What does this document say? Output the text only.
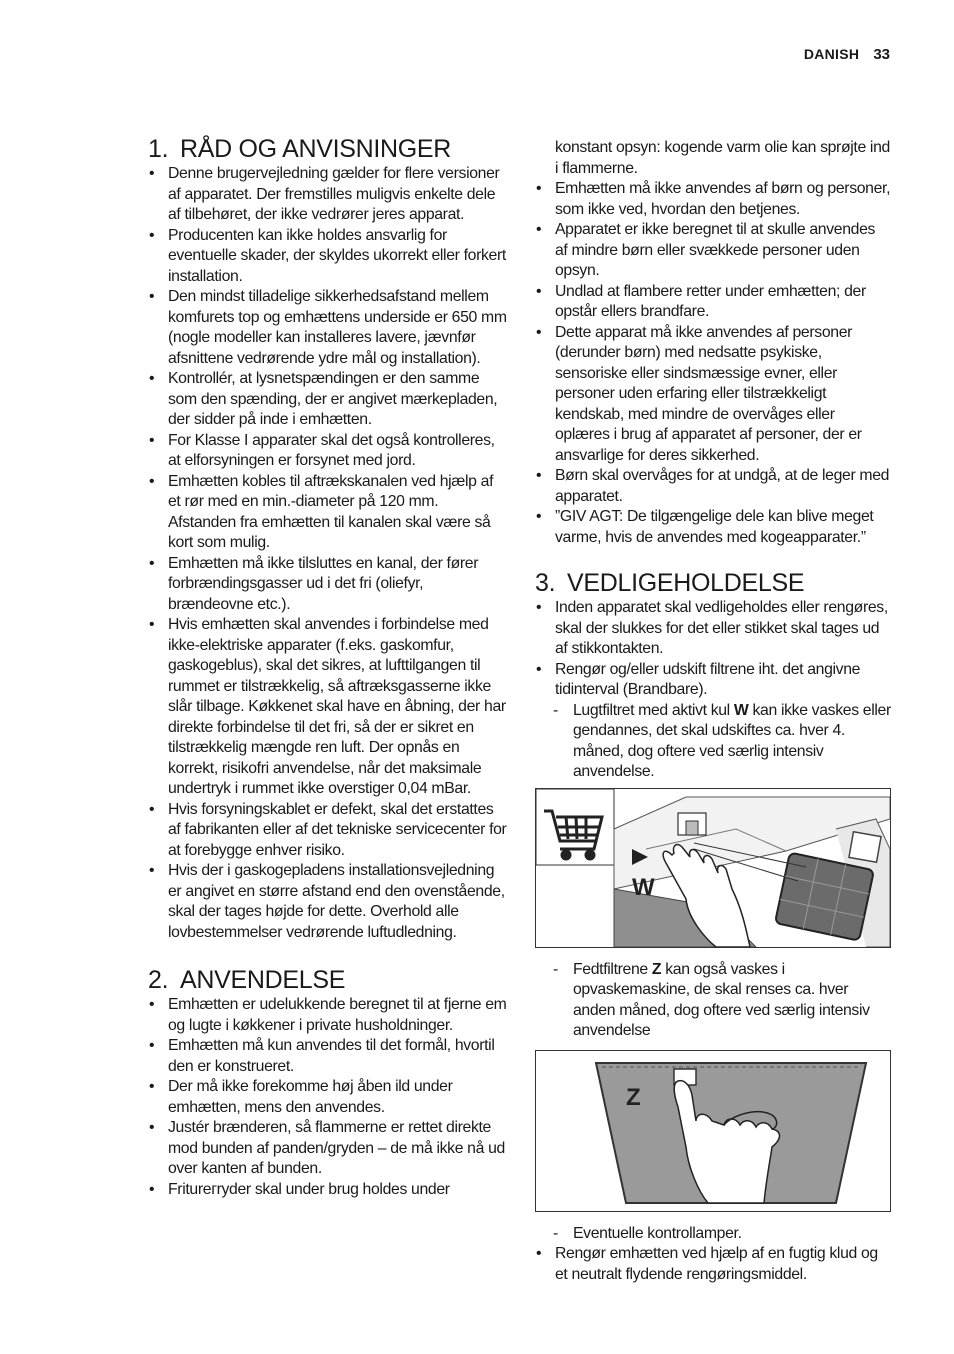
DANISH 33
1. RÅD OG ANVISNINGER
• Denne brugervejledning gælder for flere versioner af apparatet. Der fremstilles muligvis enkelte dele af tilbehøret, der ikke vedrører jeres apparat.
• Producenten kan ikke holdes ansvarlig for eventuelle skader, der skyldes ukorrekt eller forkert installation.
• Den mindst tilladelige sikkerhedsafstand mellem komfurets top og emhættens underside er 650 mm (nogle modeller kan installeres lavere, jævnfør afsnittene vedrørende ydre mål og installation).
• Kontrollér, at lysnetspændingen er den samme som den spænding, der er angivet mærkepladen, der sidder på inde i emhætten.
• For Klasse I apparater skal det også kontrolleres, at elforsyningen er forsynet med jord.
• Emhætten kobles til aftrækskanalen ved hjælp af et rør med en min.-diameter på 120 mm. Afstanden fra emhætten til kanalen skal være så kort som mulig.
• Emhætten må ikke tilsluttes en kanal, der fører forbrændingsgasser ud i det fri (oliefyr, brændeovne etc.).
• Hvis emhætten skal anvendes i forbindelse med ikke-elektriske apparater (f.eks. gaskomfur, gaskogeblus), skal det sikres, at lufttilgangen til rummet er tilstrækkelig, så aftræksgasserne ikke slår tilbage. Køkkenet skal have en åbning, der har direkte forbindelse til det fri, så der er sikret en tilstrækkelig mængde ren luft. Der opnås en korrekt, risikofri anvendelse, når det maksimale undertryk i rummet ikke overstiger 0,04 mBar.
• Hvis forsyningskablet er defekt, skal det erstattes af fabrikanten eller af det tekniske servicecenter for at forebygge enhver risiko.
• Hvis der i gaskogepladens installationsvejledning er angivet en større afstand end den ovenstående, skal der tages højde for dette. Overhold alle lovbestemmelser vedrørende luftudledning.
2. ANVENDELSE
• Emhætten er udelukkende beregnet til at fjerne em og lugte i køkkener i private husholdninger.
• Emhætten må kun anvendes til det formål, hvortil den er konstrueret.
• Der må ikke forekomme høj åben ild under emhætten, mens den anvendes.
• Justér brænderen, så flammerne er rettet direkte mod bunden af panden/gryden – de må ikke nå ud over kanten af bunden.
• Friturегryder skal under brug holdes under
konstant opsyn: kogende varm olie kan sprøjte ind i flammerne.
• Emhætten må ikke anvendes af børn og personer, som ikke ved, hvordan den betjenes.
• Apparatet er ikke beregnet til at skulle anvendes af mindre børn eller svækkede personer uden opsyn.
• Undlad at flambere retter under emhætten; der opstår ellers brandfare.
• Dette apparat må ikke anvendes af personer (derunder børn) med nedsatte psykiske, sensoriske eller sindsmæssige evner, eller personer uden erfaring eller tilstrækkeligt kendskab, med mindre de overvåges eller oplæres i brug af apparatet af personer, der er ansvarlige for deres sikkerhed.
• Børn skal overvåges for at undgå, at de leger med apparatet.
• ”GIV AGT: De tilgængelige dele kan blive meget varme, hvis de anvendes med kogeapparater.”
3. VEDLIGEHOLDELSE
• Inden apparatet skal vedligeholdes eller rengøres, skal der slukkes for det eller stikket skal tages ud af stikkontakten.
• Rengør og/eller udskift filtrene iht. det angivne tidinterval (Brandbare).
- Lugtfiltret med aktivt kul W kan ikke vaskes eller gendannes, det skal udskiftes ca. hver 4. måned, dog oftere ved særlig intensiv anvendelse.
W
- Fedtfiltrene Z kan også vaskes i opvaskemaskine, de skal renses ca. hver anden måned, dog oftere ved særlig intensiv anvendelse
Z
- Eventuelle kontrollamper.
• Rengør emhætten ved hjælp af en fugtig klud og et neutralt flydende rengøringsmiddel.
